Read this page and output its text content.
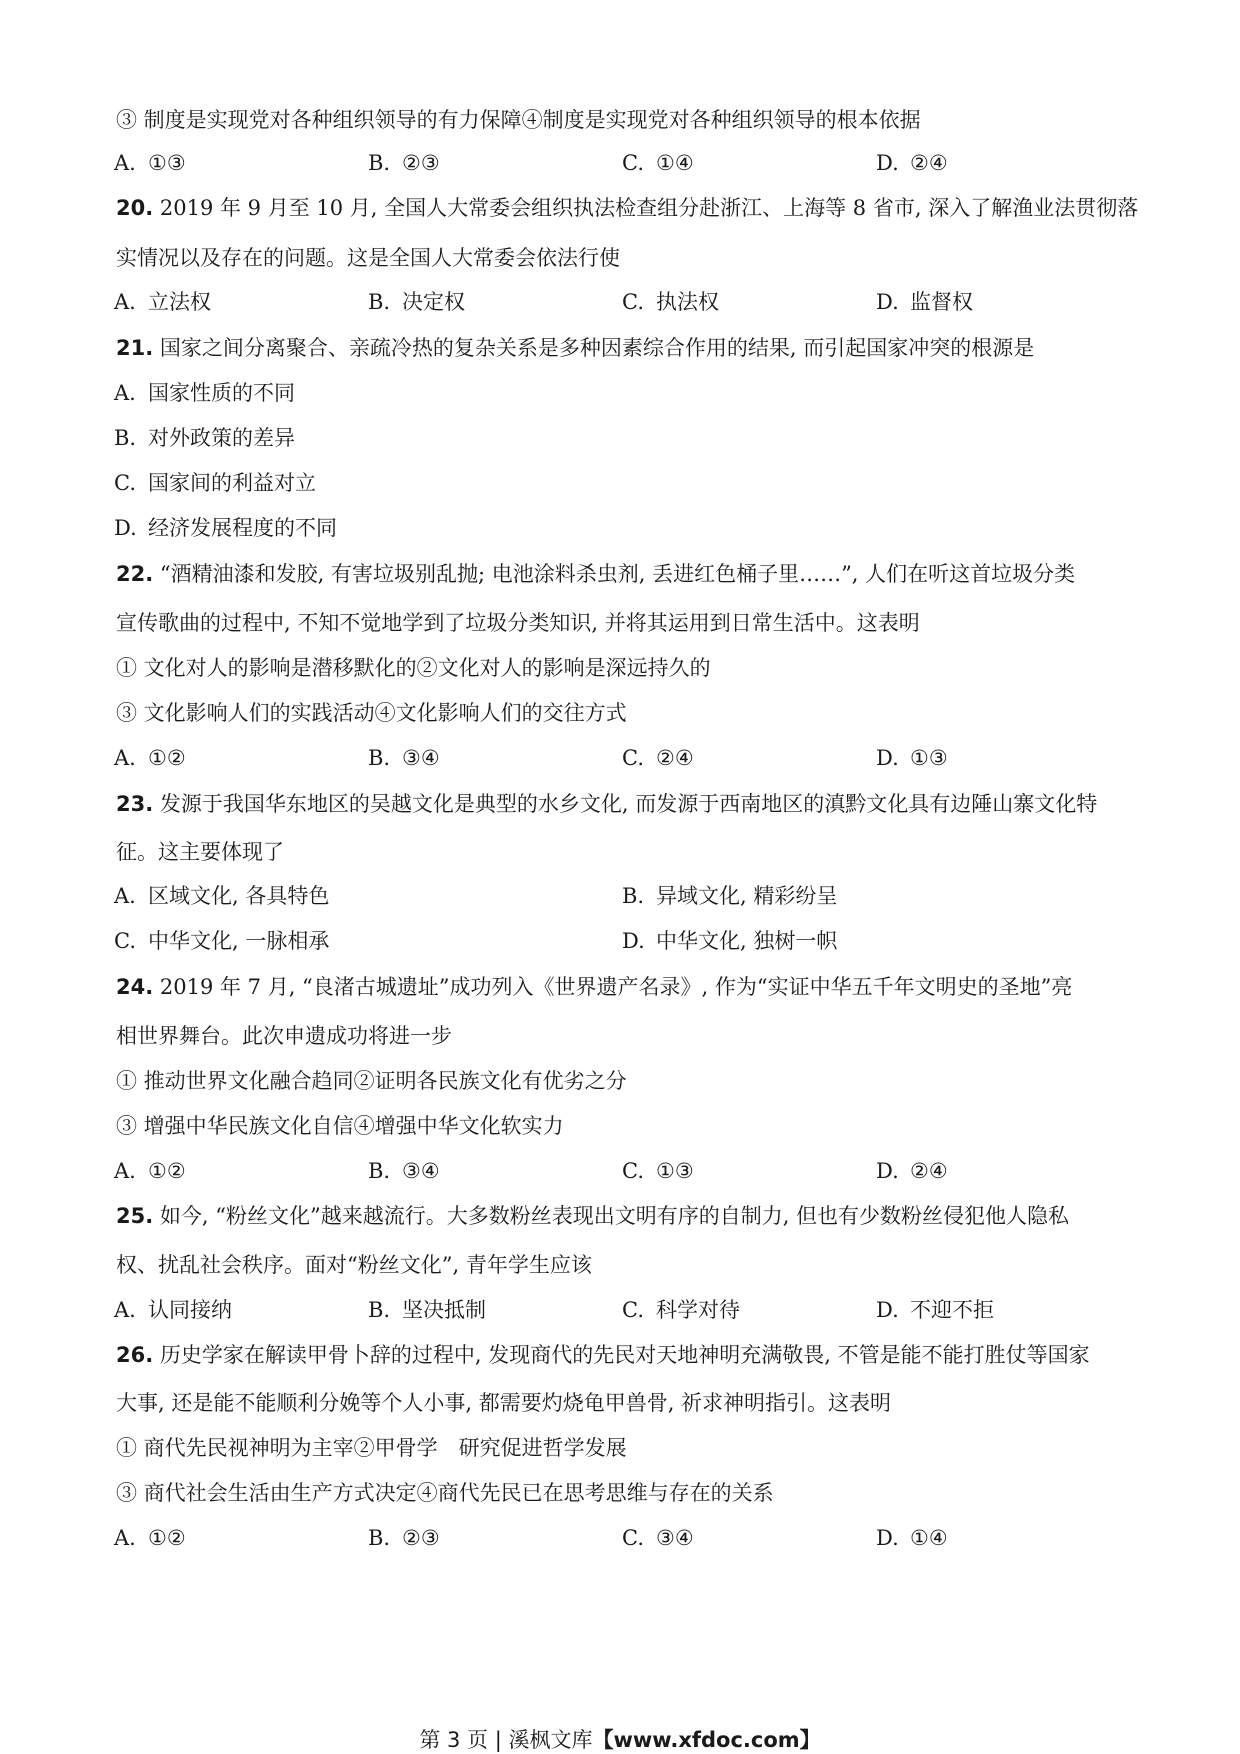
③ 制度是实现党对各种组织领导的有力保障④制度是实现党对各种组织领导的根本依据
A. ①③	B. ②③	C. ①④	D. ②④
20. 2019 年 9 月至 10 月, 全国人大常委会组织执法检查组分赴浙江、上海等 8 省市, 深入了解渔业法贯彻落
实情况以及存在的问题。这是全国人大常委会依法行使
A. 立法权	B. 决定权	C. 执法权	D. 监督权
21. 国家之间分离聚合、亲疏冷热的复杂关系是多种因素综合作用的结果, 而引起国家冲突的根源是
A. 国家性质的不同
B. 对外政策的差异
C. 国家间的利益对立
D. 经济发展程度的不同
22. “酒精油漆和发胶, 有害垃圾别乱抛; 电池涂料杀虫剂, 丢进红色桶子里……”, 人们在听这首垃圾分类
宣传歌曲的过程中, 不知不觉地学到了垃圾分类知识, 并将其运用到日常生活中。这表明
① 文化对人的影响是潜移默化的②文化对人的影响是深远持久的
③ 文化影响人们的实践活动④文化影响人们的交往方式
A. ①②	B. ③④	C. ②④	D. ①③
23. 发源于我国华东地区的吴越文化是典型的水乡文化, 而发源于西南地区的滇黔文化具有边陲山寨文化特
征。这主要体现了
A. 区域文化, 各具特色	B. 异域文化, 精彩纷呈
C. 中华文化, 一脉相承	D. 中华文化, 独树一帜
24. 2019 年 7 月, “良渚古城遗址”成功列入《世界遗产名录》, 作为“实证中华五千年文明史的圣地”亮
相世界舞台。此次申遗成功将进一步
① 推动世界文化融合趋同②证明各民族文化有优劣之分
③ 增强中华民族文化自信④增强中华文化软实力
A. ①②	B. ③④	C. ①③	D. ②④
25. 如今, “粉丝文化”越来越流行。大多数粉丝表现出文明有序的自制力, 但也有少数粉丝侵犯他人隐私
权、扰乱社会秩序。面对“粉丝文化”, 青年学生应该
A. 认同接纳	B. 坚决抵制	C. 科学对待	D. 不迎不拒
26. 历史学家在解读甲骨卜辞的过程中, 发现商代的先民对天地神明充满敬畏, 不管是能不能打胜仗等国家
大事, 还是能不能顺利分娩等个人小事, 都需要灼烧龟甲兽骨, 祈求神明指引。这表明
① 商代先民视神明为主宰②甲骨学　研究促进哲学发展
③ 商代社会生活由生产方式决定④商代先民已在思考思维与存在的关系
A. ①②	B. ②③	C. ③④	D. ①④
第 3 页 | 溪枫文库【www.xfdoc.com】
